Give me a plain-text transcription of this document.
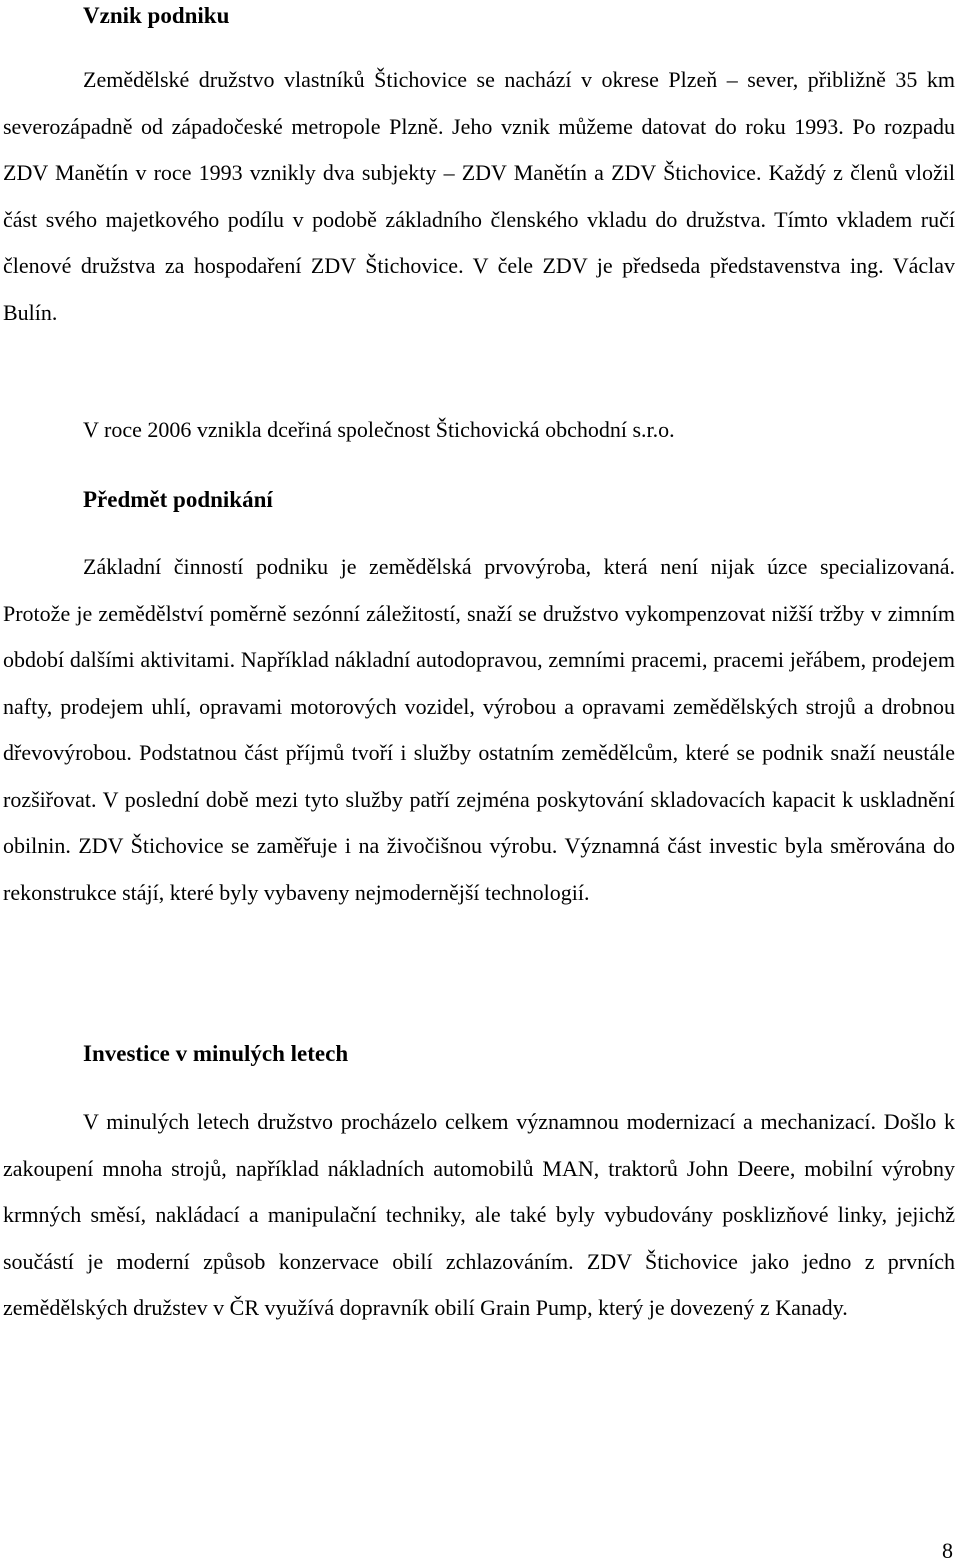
Vznik podniku

Zemědělské družstvo vlastníků Štichovice se nachází v okrese Plzeň – sever, přibližně 35 km severozápadně od západočeské metropole Plzně. Jeho vznik můžeme datovat do roku 1993. Po rozpadu ZDV Manětín v roce 1993 vznikly dva subjekty – ZDV Manětín a ZDV Štichovice. Každý z členů vložil část svého majetkového podílu v podobě základního členského vkladu do družstva. Tímto vkladem ručí členové družstva za hospodaření ZDV Štichovice. V čele ZDV je předseda představenstva ing. Václav Bulín.

V roce 2006 vznikla dceřiná společnost Štichovická obchodní s.r.o.

Předmět podnikání

Základní činností podniku je zemědělská prvovýroba, která není nijak úzce specializovaná. Protože je zemědělství poměrně sezónní záležitostí, snaží se družstvo vykompenzovat nižší tržby v zimním období dalšími aktivitami. Například nákladní autodopravou, zemními pracemi, pracemi jeřábem, prodejem nafty, prodejem uhlí, opravami motorových vozidel, výrobou a opravami zemědělských strojů a drobnou dřevovýrobou. Podstatnou část příjmů tvoří i služby ostatním zemědělcům, které se podnik snaží neustále rozšiřovat. V poslední době mezi tyto služby patří zejména poskytování skladovacích kapacit k uskladnění obilnin. ZDV Štichovice se zaměřuje i na živočišnou výrobu. Významná část investic byla směrována do rekonstrukce stájí, které byly vybaveny nejmodernější technologií.

Investice v minulých letech

V minulých letech družstvo procházelo celkem významnou modernizací a mechanizací. Došlo k zakoupení mnoha strojů, například nákladních automobilů MAN, traktorů John Deere, mobilní výrobny krmných směsí, nakládací a manipulační techniky, ale také byly vybudovány posklizňové linky, jejichž součástí je moderní způsob konzervace obilí zchlazováním. ZDV Štichovice jako jedno z prvních zemědělských družstev v ČR využívá dopravník obilí Grain Pump, který je dovezený z Kanady.

8
